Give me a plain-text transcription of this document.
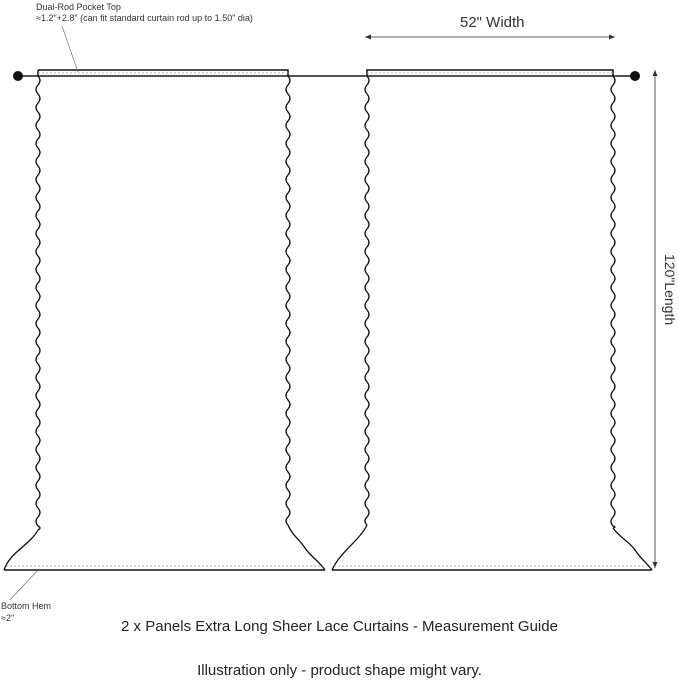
Dual-Rod Pocket Top
≈1.2"+2.8" (can fit standard curtain rod up to 1.50" dia)	52" Width
120"Length
Bottom Hem
≈2"	2 x Panels Extra Long Sheer Lace Curtains - Measurement Guide
Illustration only - product shape might vary.
